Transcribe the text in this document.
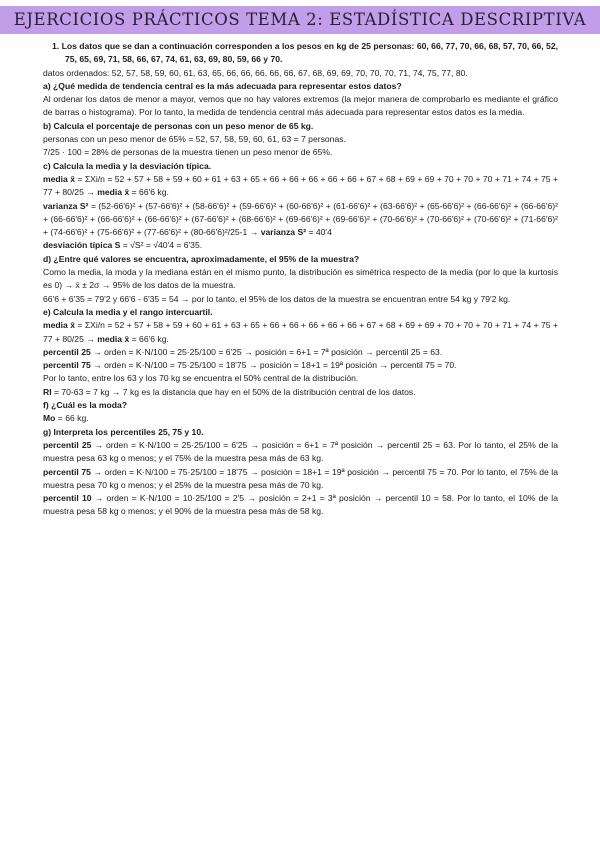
EJERCICIOS PRÁCTICOS TEMA 2: ESTADÍSTICA DESCRIPTIVA

1. Los datos que se dan a continuación corresponden a los pesos en kg de 25 personas: 60, 66, 77, 70, 66, 68, 57, 70, 66, 52, 75, 65, 69, 71, 58, 66, 67, 74, 61, 63, 69, 80, 59, 66 y 70.

datos ordenados: 52, 57, 58, 59, 60, 61, 63, 65, 66, 66, 66, 66, 66, 67, 68, 69, 69, 70, 70, 70, 71, 74, 75, 77, 80.

a) ¿Qué medida de tendencia central es la más adecuada para representar estos datos?

Al ordenar los datos de menor a mayor, vemos que no hay valores extremos (la mejor manera de comprobarlo es mediante el gráfico de barras o histograma). Por lo tanto, la medida de tendencia central más adecuada para representar estos datos es la media.

b) Calcula el porcentaje de personas con un peso menor de 65 kg.

personas con un peso menor de 65% = 52, 57, 58, 59, 60, 61, 63 = 7 personas.

7/25 · 100 = 28% de personas de la muestra tienen un peso menor de 65%.

c) Calcula la media y la desviación típica.

media x̄ = ΣXi/n = 52 + 57 + 58 + 59 + 60 + 61 + 63 + 65 + 66 + 66 + 66 + 66 + 66 + 67 + 68 + 69 + 69 + 70 + 70 + 70 + 71 + 74 + 75 + 77 + 80/25 → media x̄ = 66'6 kg.

varianza S² = (52-66'6)² + (57-66'6)² + (58-66'6)² + (59-66'6)² + (60-66'6)² + (61-66'6)² + (63-66'6)² + (65-66'6)² + (66-66'6)² + (66-66'6)² + (66-66'6)² + (66-66'6)² + (66-66'6)² + (67-66'6)² + (68-66'6)² + (69-66'6)² + (69-66'6)² + (70-66'6)² + (70-66'6)² + (70-66'6)² + (71-66'6)² + (74-66'6)² + (75-66'6)² + (77-66'6)² + (80-66'6)²/25-1 → varianza S² = 40'4

desviación típica S = √S² = √40'4 = 6'35.

d) ¿Entre qué valores se encuentra, aproximadamente, el 95% de la muestra?

Como la media, la moda y la mediana están en el mismo punto, la distribución es simétrica respecto de la media (por lo que la kurtosis es 0) → x̄ ± 2σ → 95% de los datos de la muestra.

66'6 + 6'35 = 79'2 y 66'6 - 6'35 = 54 → por lo tanto, el 95% de los datos de la muestra se encuentran entre 54 kg y 79'2 kg.

e) Calcula la media y el rango intercuartil.

media x̄ = ΣXi/n = 52 + 57 + 58 + 59 + 60 + 61 + 63 + 65 + 66 + 66 + 66 + 66 + 66 + 67 + 68 + 69 + 69 + 70 + 70 + 70 + 71 + 74 + 75 + 77 + 80/25 → media x̄ = 66'6 kg.

percentil 25 → orden = K·N/100 = 25·25/100 = 6'25 → posición = 6+1 = 7ª posición → percentil 25 = 63.

percentil 75 → orden = K·N/100 = 75·25/100 = 18'75 → posición = 18+1 = 19ª posición → percentil 75 = 70.

Por lo tanto, entre los 63 y los 70 kg se encuentra el 50% central de la distribución.

RI = 70-63 = 7 kg → 7 kg es la distancia que hay en el 50% de la distribución central de los datos.

f) ¿Cuál es la moda?

Mo = 66 kg.

g) Interpreta los percentiles 25, 75 y 10.

percentil 25 → orden = K·N/100 = 25·25/100 = 6'25 → posición = 6+1 = 7ª posición → percentil 25 = 63. Por lo tanto, el 25% de la muestra pesa 63 kg o menos; y el 75% de la muestra pesa más de 63 kg.

percentil 75 → orden = K·N/100 = 75·25/100 = 18'75 → posición = 18+1 = 19ª posición → percentil 75 = 70. Por lo tanto, el 75% de la muestra pesa 70 kg o menos; y el 25% de la muestra pesa más de 70 kg.

percentil 10 → orden = K·N/100 = 10·25/100 = 2'5 → posición = 2+1 = 3ª posición → percentil 10 = 58. Por lo tanto, el 10% de la muestra pesa 58 kg o menos; y el 90% de la muestra pesa más de 58 kg.
